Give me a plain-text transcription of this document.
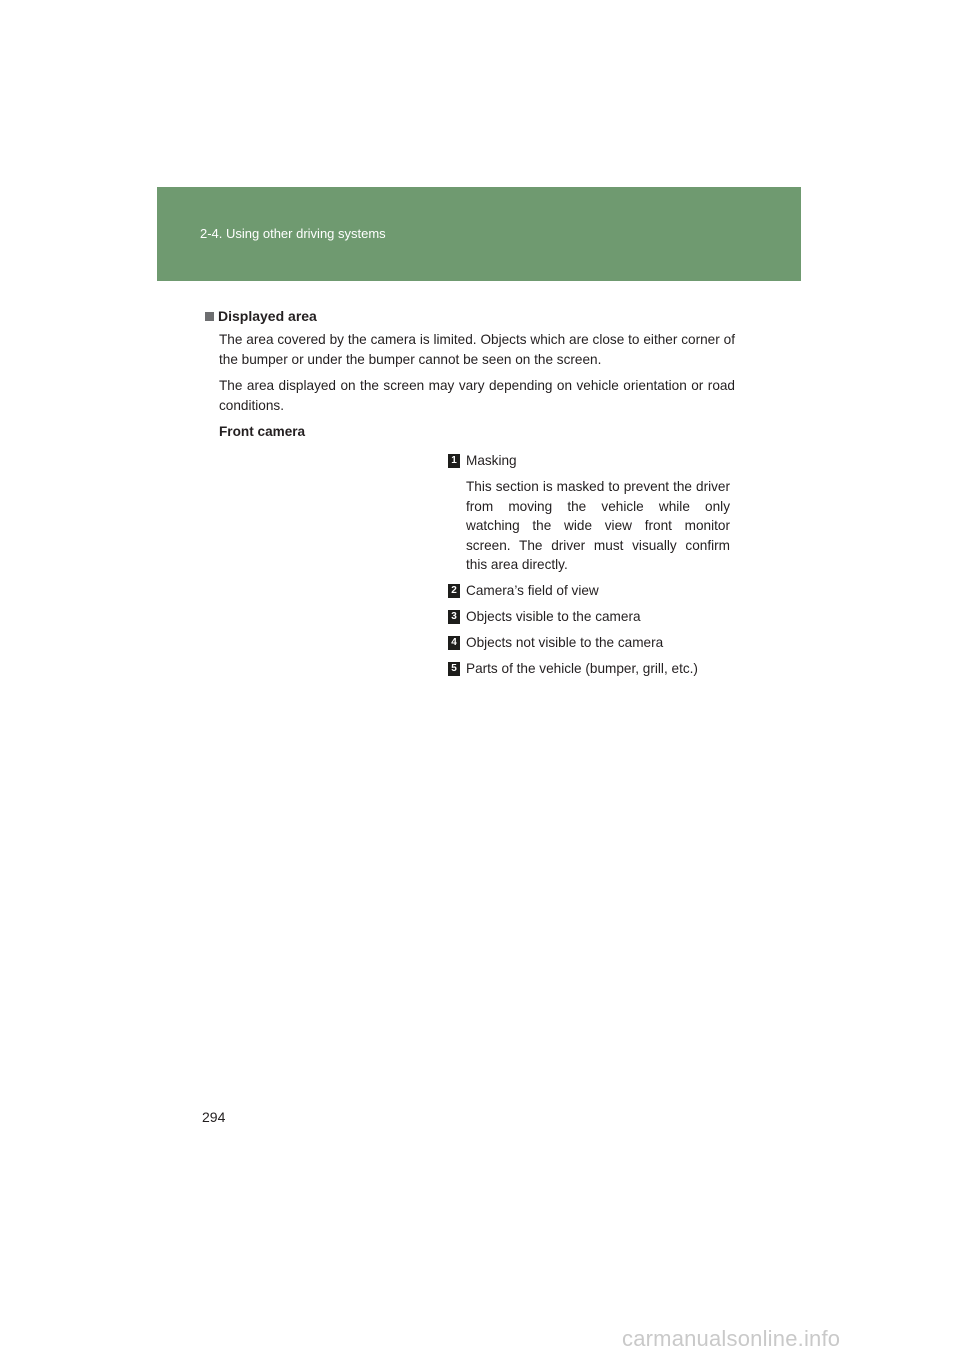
2-4. Using other driving systems
Displayed area

The area covered by the camera is limited. Objects which are close to either corner of the bumper or under the bumper cannot be seen on the screen.

The area displayed on the screen may vary depending on vehicle orientation or road conditions.

Front camera
1 Masking
This section is masked to prevent the driver from moving the vehicle while only watching the wide view front monitor screen. The driver must visually confirm this area directly.
2 Camera’s field of view
3 Objects visible to the camera
4 Objects not visible to the camera
5 Parts of the vehicle (bumper, grill, etc.)
294
carmanualsonline.info
